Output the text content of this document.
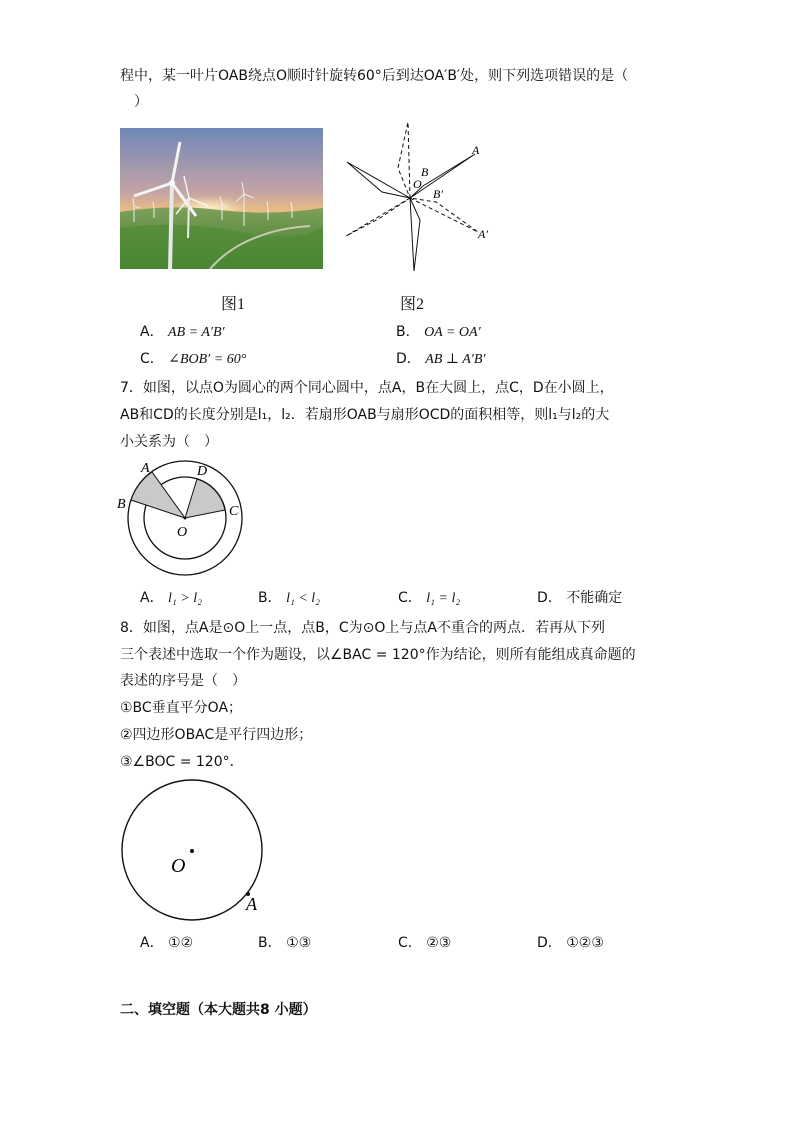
程中，某一叶片OAB绕点O顺时针旋转60°后到达OA′B′处，则下列选项错误的是（
）
A
B
O
B′
A′
图1	图2
A． AB = A′B′	B． OA = OA′
C． ∠BOB′ = 60°	D． AB ⊥ A′B′
7．如图，以点O为圆心的两个同心圆中，点A，B在大圆上，点C，D在小圆上，
AB和CD的长度分别是l₁，l₂．若扇形OAB与扇形OCD的面积相等，则l₁与l₂的大
小关系为（　）
A
B
D
C
O
A． l₁ > l₂	B． l₁ < l₂	C． l₁ = l₂	D． 不能确定
8．如图，点A是⊙O上一点，点B，C为⊙O上与点A不重合的两点．若再从下列
三个表述中选取一个作为题设，以∠BAC = 120°作为结论，则所有能组成真命题的
表述的序号是（　）
①BC垂直平分OA；
②四边形OBAC是平行四边形；
③∠BOC = 120°．
O
A
A． ①②	B． ①③	C． ②③	D． ①②③
二、填空题（本大题共8 小题）
